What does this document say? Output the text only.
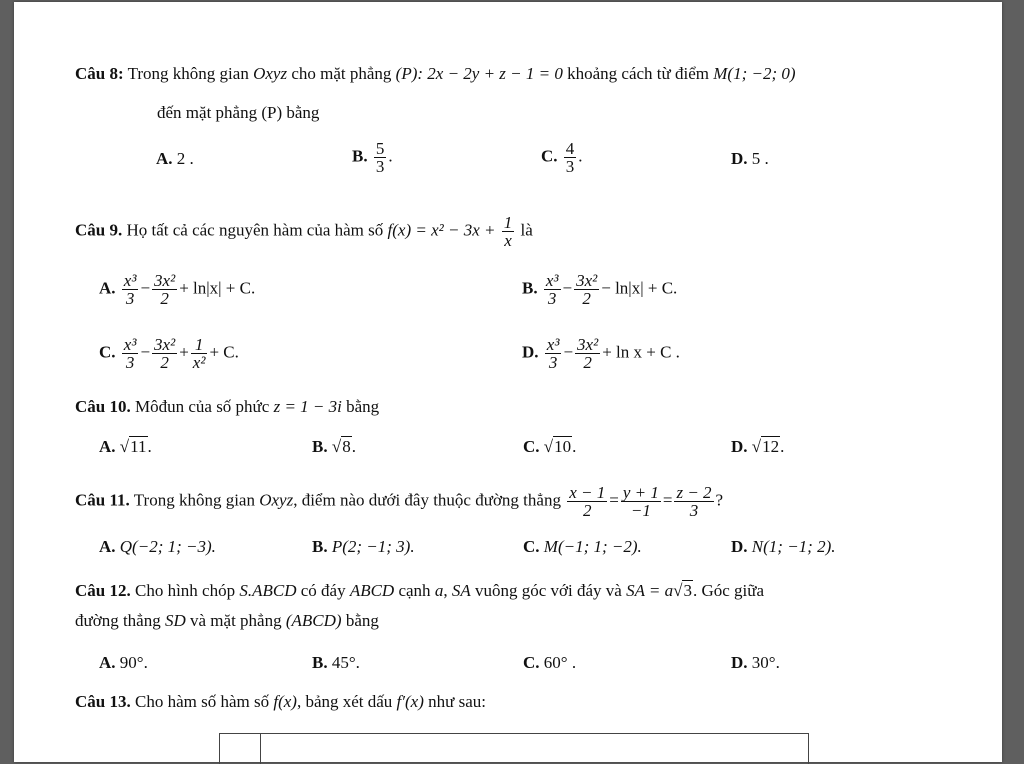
Câu 8: Trong không gian Oxyz cho mặt phẳng (P): 2x − 2y + z − 1 = 0 khoảng cách từ điểm M(1; −2; 0)
đến mặt phẳng (P) bằng
A. 2 .	B. $\frac{5}{3}$ .	C. $\frac{4}{3}$ .	D. 5 .
Câu 9. Họ tất cả các nguyên hàm của hàm số $f(x) = x^2 - 3x + \frac{1}{x}$ là
A. $\frac{\text{x³}}{3} - \frac{\text{3x²}}{2} + \ln|x| + C$.	B. $\frac{\text{x³}}{3} - \frac{\text{3x²}}{2} - \ln|x| + C$.
C. $\frac{\text{x³}}{3} - \frac{\text{3x²}}{2} + \frac{1}{\text{x²}} + C$.	D. $\frac{\text{x³}}{3} - \frac{\text{3x²}}{2} + \ln x + C$ .
Câu 10. Môđun của số phức z = 1 − 3i bằng
A. √11.	B. √8.	C. √10.	D. √12.
Câu 11. Trong không gian Oxyz, điểm nào dưới đây thuộc đường thẳng $\frac{x - 1}{2} = \frac{y + 1}{-1} = \frac{z - 2}{3}$ ?
A. Q(−2; 1; −3).	B. P(2; −1; 3).	C. M(−1; 1; −2).	D. N(1; −1; 2).
Câu 12. Cho hình chóp S.ABCD có đáy ABCD cạnh a, SA vuông góc với đáy và SA = a√3. Góc giữa
đường thẳng SD và mặt phẳng (ABCD) bằng
A. 90°.	B. 45°.	C. 60° .	D. 30°.
Câu 13. Cho hàm số hàm số f(x), bảng xét dấu f′(x) như sau:
